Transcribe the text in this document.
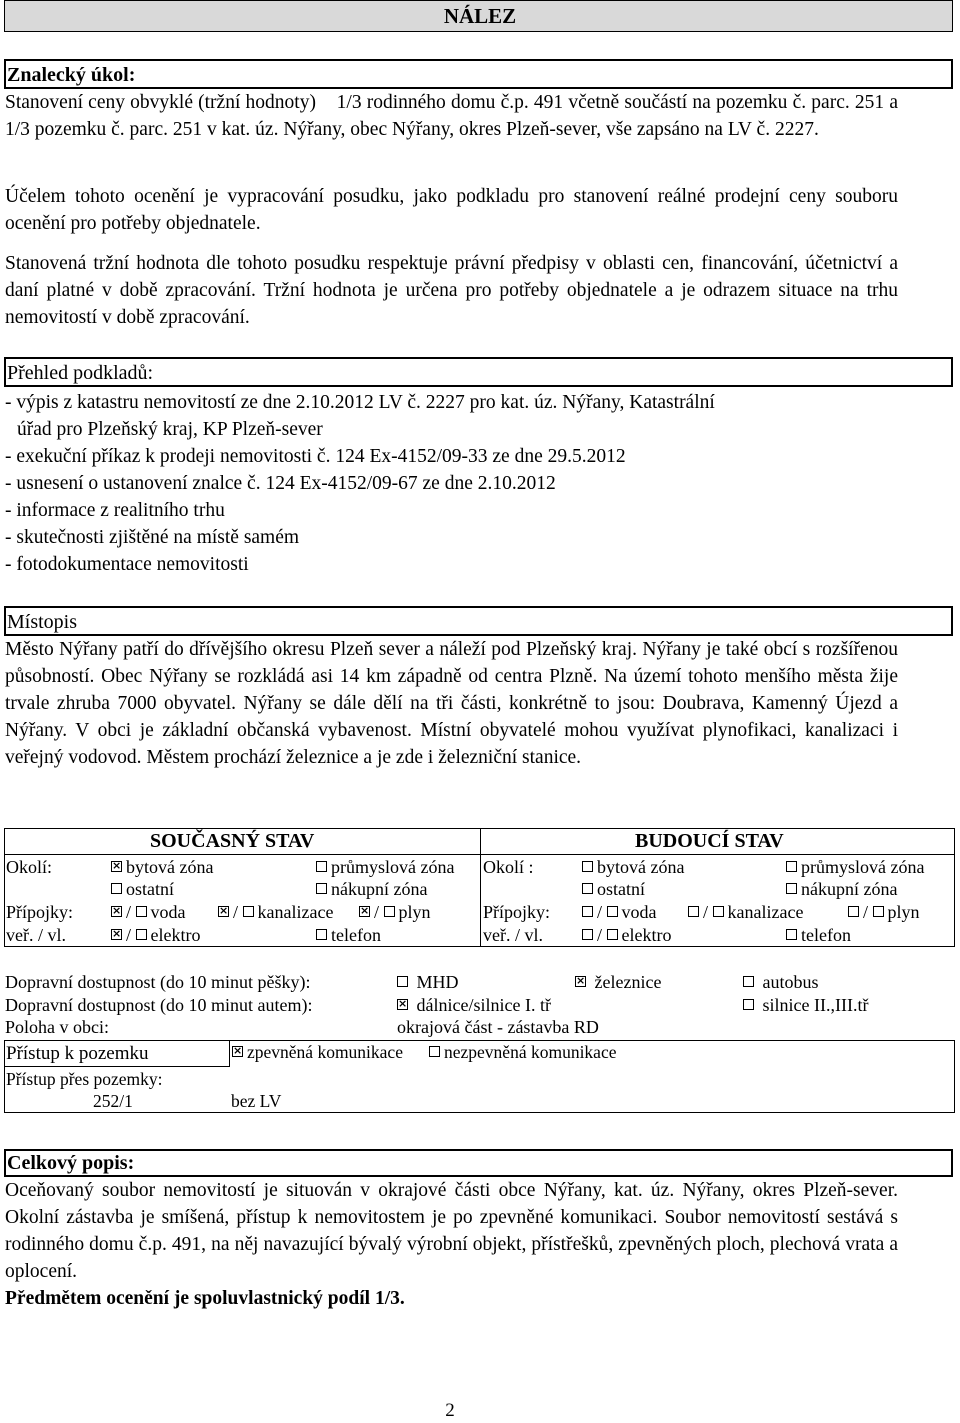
NÁLEZ
Znalecký úkol:
Stanovení ceny obvyklé (tržní hodnoty)    1/3 rodinného domu č.p. 491 včetně součástí na pozemku č. parc. 251 a 1/3 pozemku č. parc. 251 v kat. úz. Nýřany, obec Nýřany, okres Plzeň-sever, vše zapsáno na LV č. 2227.
Účelem tohoto ocenění je vypracování posudku, jako podkladu pro stanovení reálné prodejní ceny souboru ocenění pro potřeby objednatele.
Stanovená tržní hodnota dle tohoto posudku respektuje právní předpisy v oblasti cen, financování, účetnictví a daní platné v době zpracování. Tržní hodnota je určena pro potřeby objednatele a je odrazem situace na trhu nemovitostí v době zpracování.
Přehled podkladů:
- výpis z katastru nemovitostí ze dne 2.10.2012 LV č. 2227 pro kat. úz. Nýřany, Katastrální
úřad pro Plzeňský kraj, KP Plzeň-sever
- exekuční příkaz k prodeji nemovitosti č. 124 Ex-4152/09-33 ze dne 29.5.2012
- usnesení o ustanovení znalce č. 124 Ex-4152/09-67 ze dne 2.10.2012
- informace z realitního trhu
- skutečnosti zjištěné na místě samém
- fotodokumentace nemovitosti
Místopis
Město Nýřany patří do dřívějšího okresu Plzeň sever a náleží pod Plzeňský kraj. Nýřany je také obcí s rozšířenou působností. Obec Nýřany se rozkládá asi 14 km západně od centra Plzně. Na území tohoto menšího města žije trvale zhruba 7000 obyvatel. Nýřany se dále dělí na tři části, konkrétně to jsou: Doubrava, Kamenný Újezd a Nýřany. V obci je základní občanská vybavenost. Místní obyvatelé mohou využívat plynofikaci, kanalizaci i veřejný vodovod. Městem prochází železnice a je zde i železniční stanice.
SOUČASNÝ STAV	BUDOUCÍ STAV
Okolí:	× bytová zóna	průmyslová zóna
ostatní	nákupní zóna
Přípojky:	× / voda	× / kanalizace × / plyn
veř. / vl.	× / elektro	telefon
Okolí :	bytová zóna	průmyslová zóna
ostatní	nákupní zóna
Přípojky:	/ voda	/ kanalizace	/ plyn
veř. / vl.	/ elektro	telefon
Dopravní dostupnost (do 10 minut pěšky):	MHD	× železnice	autobus
Dopravní dostupnost (do 10 minut autem):	× dálnice/silnice I. tř	silnice II.,III.tř
Poloha v obci:	okrajová část - zástavba RD
Přístup k pozemku	× zpevněná komunikace	nezpevněná komunikace
Přístup přes pozemky:
252/1	bez LV
Celkový popis:
Oceňovaný soubor nemovitostí je situován v okrajové části obce Nýřany, kat. úz. Nýřany, okres Plzeň-sever. Okolní zástavba je smíšená, přístup k nemovitostem je po zpevněné komunikaci. Soubor nemovitostí sestává s rodinného domu č.p. 491, na něj navazující bývalý výrobní objekt, přístřešků, zpevněných ploch, plechová vrata a oplocení.
Předmětem ocenění je spoluvlastnický podíl 1/3.
2
